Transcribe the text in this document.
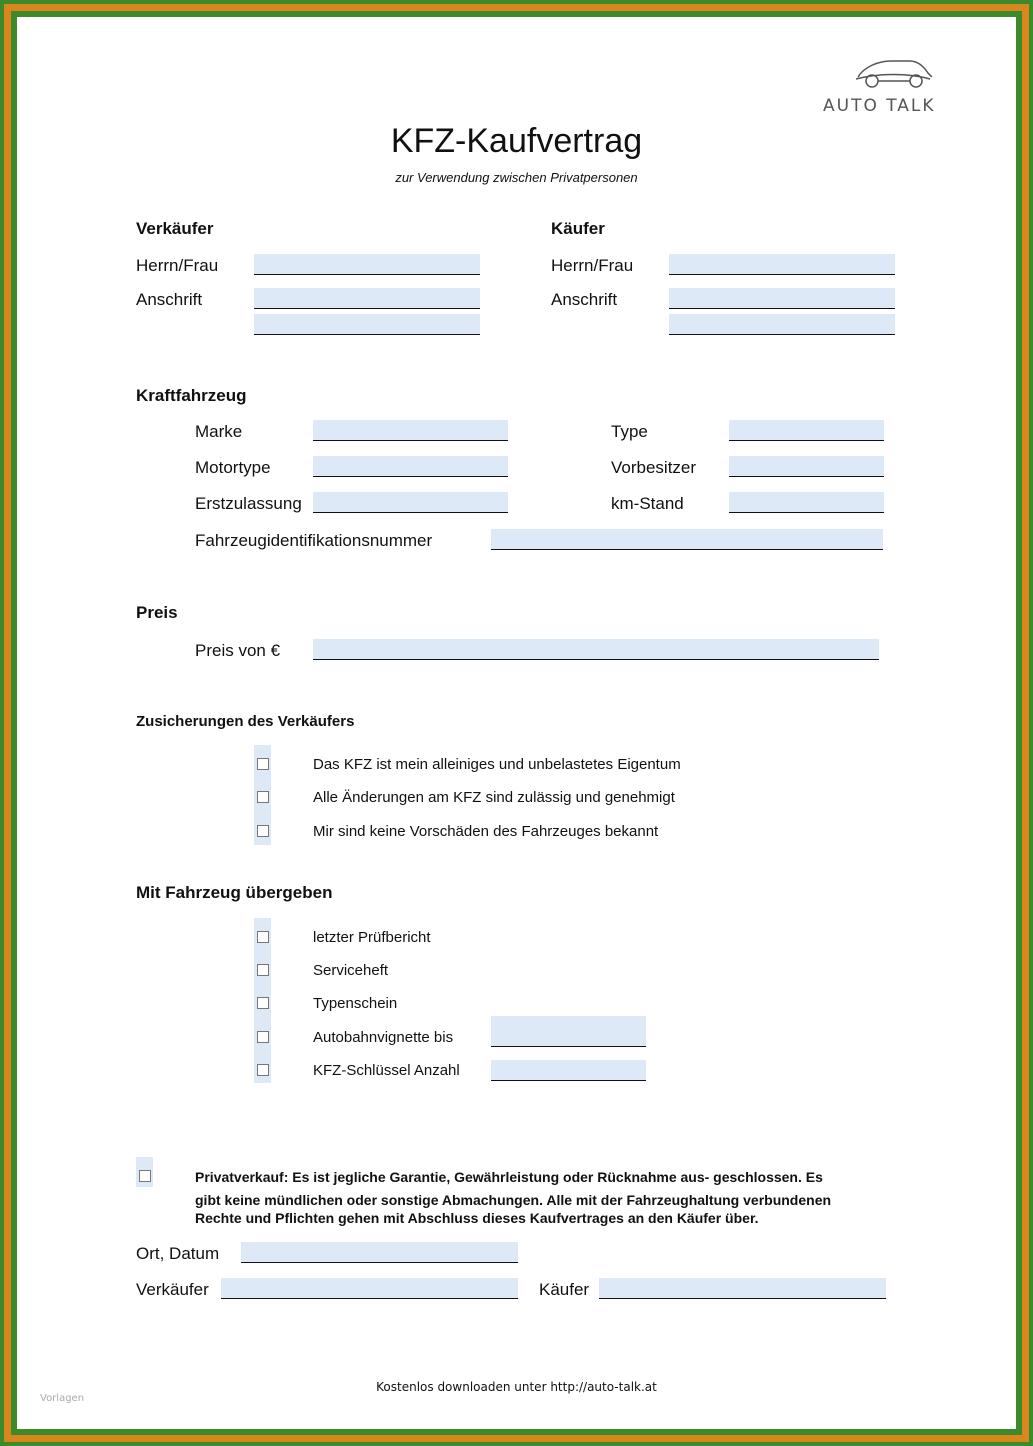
AUTO TALK
KFZ-Kaufvertrag
zur Verwendung zwischen Privatpersonen
Verkäufer
Herrn/Frau
Anschrift
Käufer
Herrn/Frau
Anschrift
Kraftfahrzeug
Marke	Type
Motortype	Vorbesitzer
Erstzulassung	km-Stand
Fahrzeugidentifikationsnummer
Preis
Preis von €
Zusicherungen des Verkäufers
Das KFZ ist mein alleiniges und unbelastetes Eigentum
Alle Änderungen am KFZ sind zulässig und genehmigt
Mir sind keine Vorschäden des Fahrzeuges bekannt
Mit Fahrzeug übergeben
letzter Prüfbericht
Serviceheft
Typenschein
Autobahnvignette bis
KFZ-Schlüssel Anzahl
Privatverkauf: Es ist jegliche Garantie, Gewährleistung oder Rücknahme aus- geschlossen. Es
gibt keine mündlichen oder sonstige Abmachungen. Alle mit der Fahrzeughaltung verbundenen
Rechte und Pflichten gehen mit Abschluss dieses Kaufvertrages an den Käufer über.
Ort, Datum
Verkäufer	Käufer
Kostenlos downloaden unter http://auto-talk.at
Vorlagen
